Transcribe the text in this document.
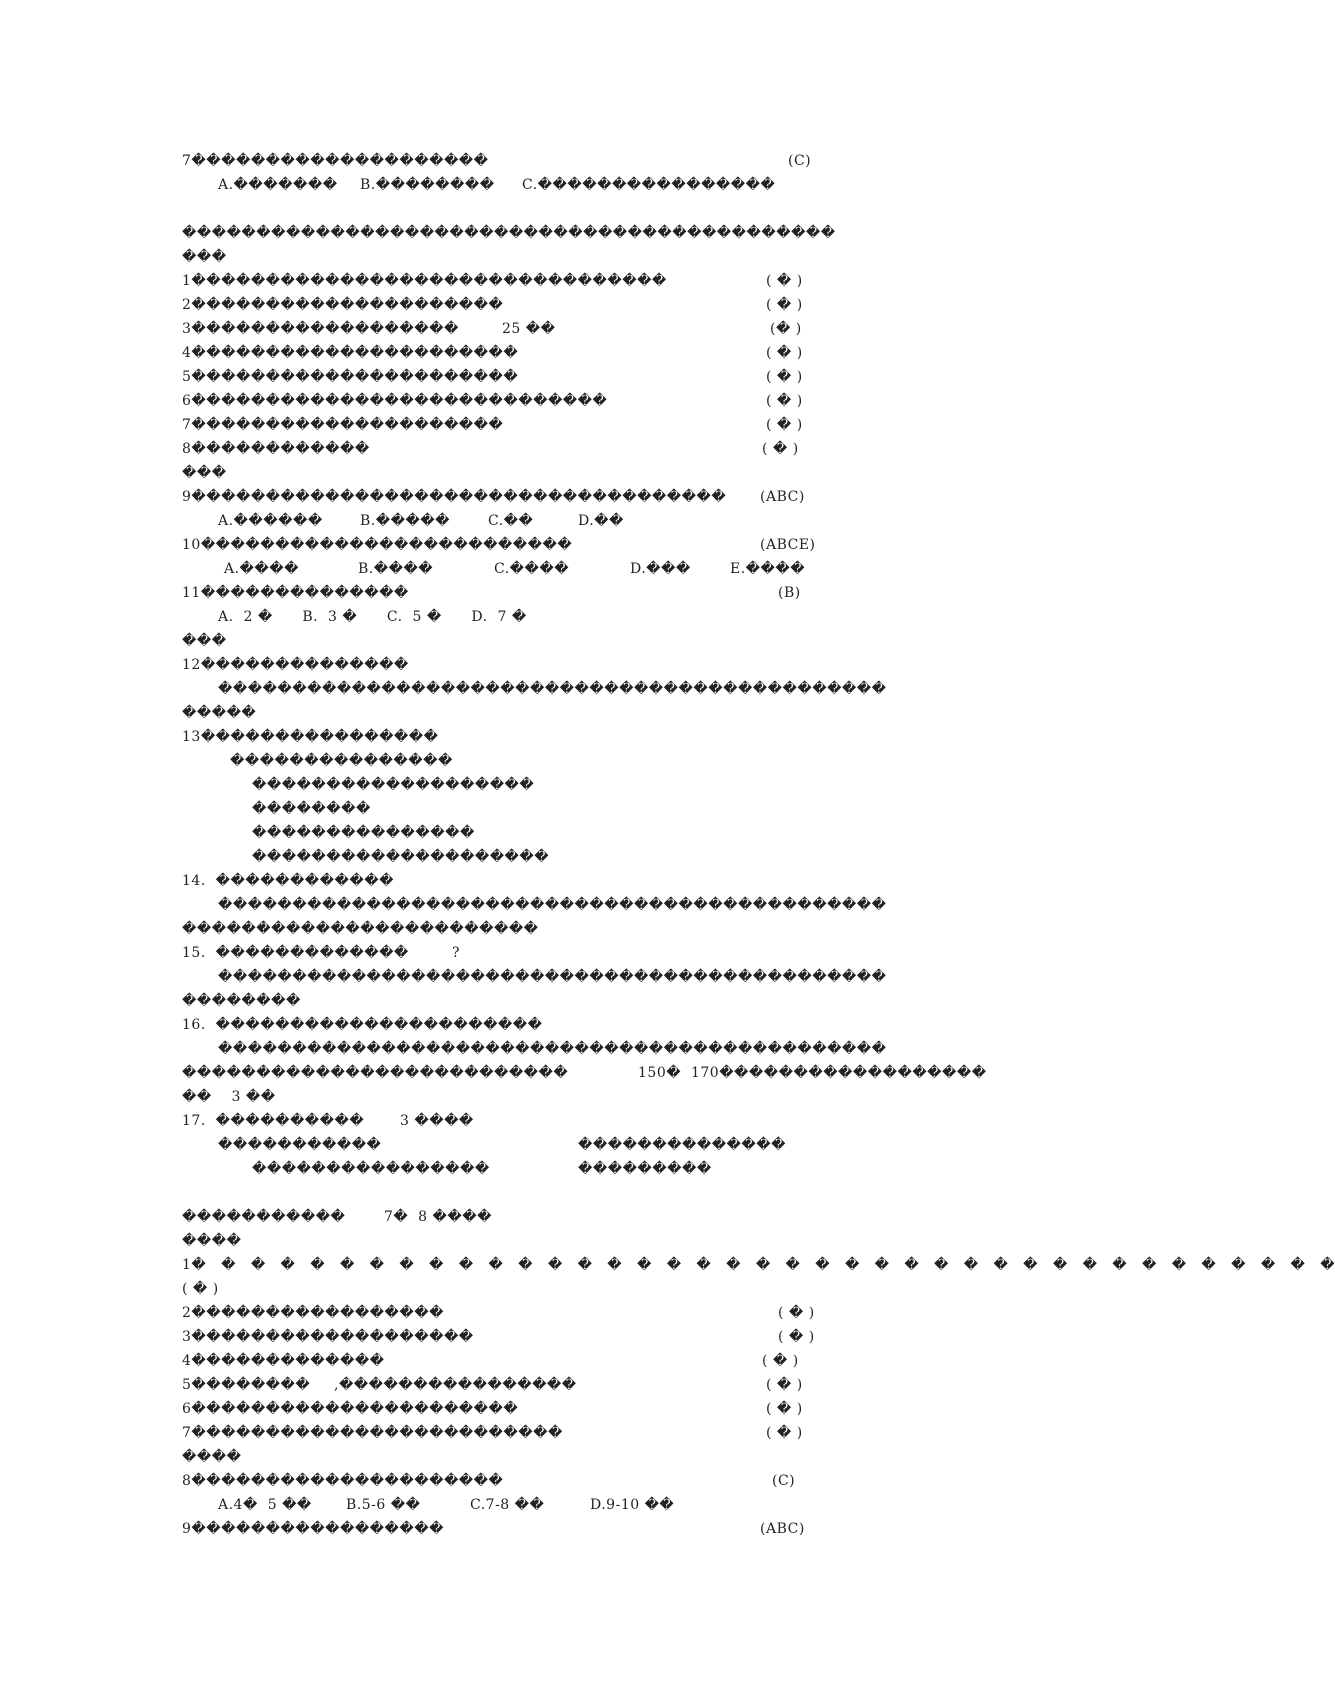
7��������������������	(C)
A.������� B.�������� C.����������������
��������������������������������������������
���
1��������������������������������	( � )
2���������������������	( � )
3������������������	25 ��	(� )
4����������������������	( � )
5����������������������	( � )
6����������������������������	( � )
7���������������������	( � )
8������������	( � )
���
9������������������������������������ (ABC)
A.������	B.�����	C.��	D.��
10�������������������������	(ABCE)
A.����	B.����	C.����	D.���	E.����
11��������������	(B)
A.  2 �      B.  3 �      C.  5 �      D.  7 �
���
12��������������
���������������������������������������������
�����
13����������������
���������������
�������������������
��������
���������������
��������������������
14.  ������������
���������������������������������������������
������������������������
15.  �������������	?
���������������������������������������������
��������
16.  ����������������������
���������������������������������������������
��������������������������	150�  170������������������
��    3 ��
17.  ����������	3 ����
�����������	��������������
����������������	���������
�����������	7�  8 ����
����
1�   �   �   �   �   �   �   �   �   �   �   �   �   �   �   �   �   �   �   �   �   �   �   �   �   �   �   �   �   �   �   �   �   �   �   �   �   �   �
( � )
2�����������������	( � )
3�������������������	( � )
4�������������	( � )
5�������� ,����������������	( � )
6����������������������	( � )
7�������������������������	( � )
����
8���������������������	(C)
A.4�  5 �� B.5-6 ��	C.7-8 ��	D.9-10 ��
9�����������������	(ABC)
